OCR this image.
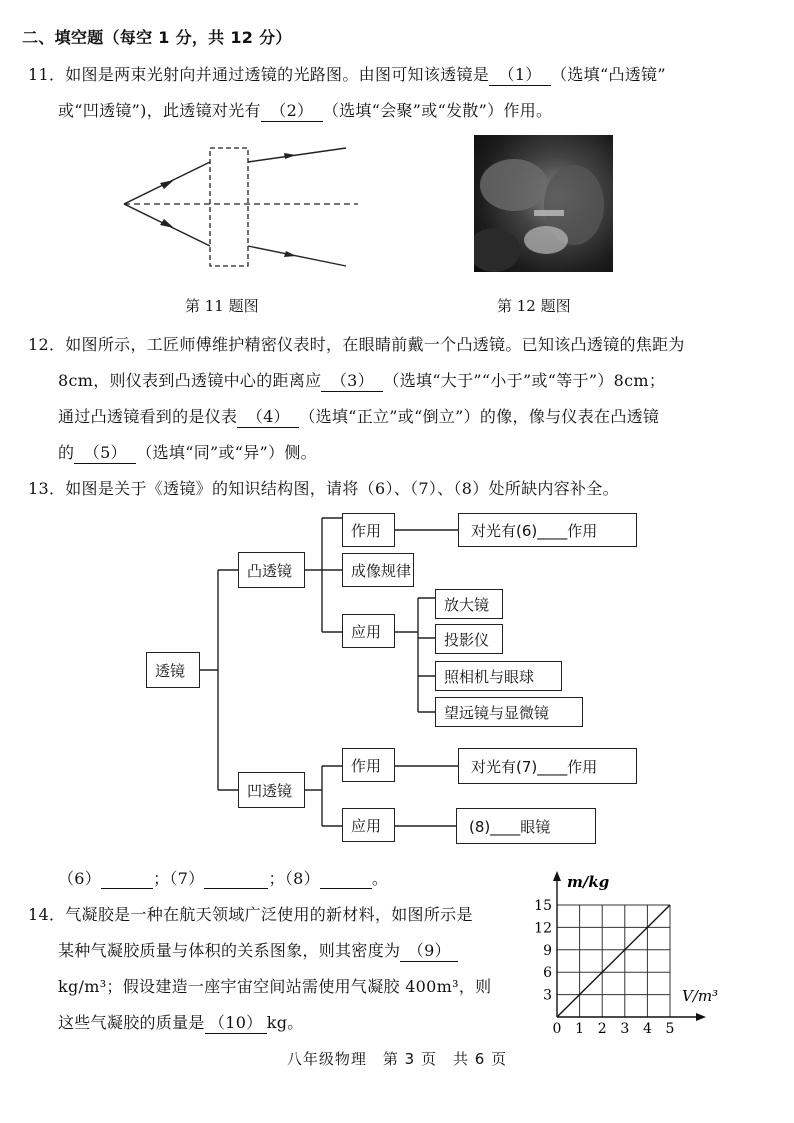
二、填空题（每空 1 分，共 12 分）
11．如图是两束光射向并通过透镜的光路图。由图可知该透镜是 （1） （选填“凸透镜”
或“凹透镜”)，此透镜对光有 （2） （选填“会聚”或“发散”）作用。
第 11 题图	第 12 题图
12．如图所示，工匠师傅维护精密仪表时，在眼睛前戴一个凸透镜。已知该凸透镜的焦距为
8cm，则仪表到凸透镜中心的距离应 （3） （选填“大于”“小于”或“等于”）8cm；
通过凸透镜看到的是仪表 （4） （选填“正立”或“倒立”）的像，像与仪表在凸透镜
的 （5） （选填“同”或“异”）侧。
13．如图是关于《透镜》的知识结构图，请将（6）、（7）、（8）处所缺内容补全。
透镜
凸透镜
凹透镜
作用	对光有(6)____作用
成像规律
应用
放大镜
投影仪
照相机与眼球
望远镜与显微镜
作用	对光有(7)____作用
应用	(8)____眼镜
（6）	；（7）	；（8）	。
14．气凝胶是一种在航天领域广泛使用的新材料，如图所示是
某种气凝胶质量与体积的关系图象，则其密度为 （9）
kg/m³；假设建造一座宇宙空间站需使用气凝胶 400m³，则
这些气凝胶的质量是 （10） kg。	0 1 2 3 4 5
3
6
9
12
15
m/kg
V/m³
八年级物理　第 3 页　共 6 页
